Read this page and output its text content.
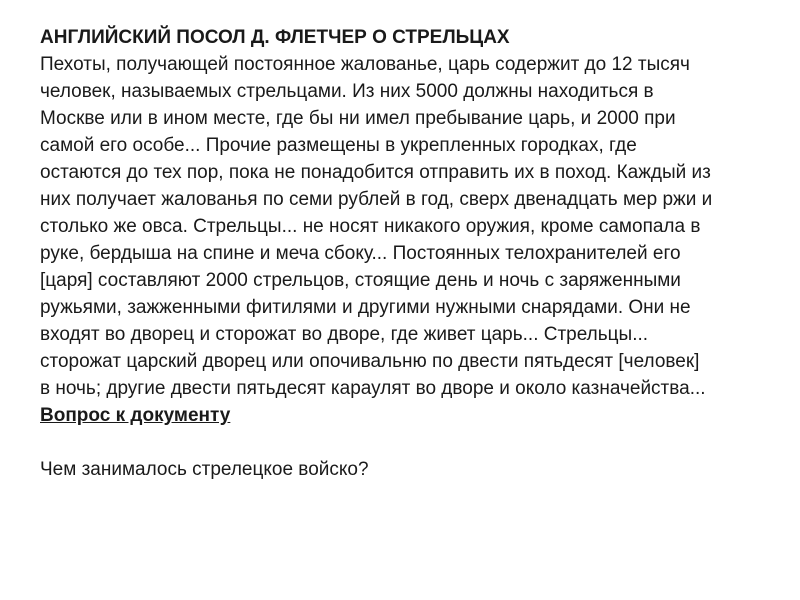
АНГЛИЙСКИЙ ПОСОЛ Д. ФЛЕТЧЕР О СТРЕЛЬЦАХ

Пехоты, получающей постоянное жалованье, царь содержит до 12 тысяч

человек, называемых стрельцами. Из них 5000 должны находиться в

Москве или в ином месте, где бы ни имел пребывание царь, и 2000 при

самой его особе... Прочие размещены в укрепленных городках, где

остаются до тех пор, пока не понадобится отправить их в поход. Каждый из

них получает жалованья по семи рублей в год, сверх двенадцать мер ржи и

столько же овса. Стрельцы... не носят никакого оружия, кроме самопала в

руке, бердыша на спине и меча сбоку... Постоянных телохранителей его

[царя] составляют 2000 стрельцов, стоящие день и ночь с заряженными

ружьями, зажженными фитилями и другими нужными снарядами. Они не

входят во дворец и сторожат во дворе, где живет царь... Стрельцы...

сторожат царский дворец или опочивальню по двести пятьдесят [человек]

в ночь; другие двести пятьдесят караулят во дворе и около казначейства...

Вопрос к документу

Чем занималось стрелецкое войско?
